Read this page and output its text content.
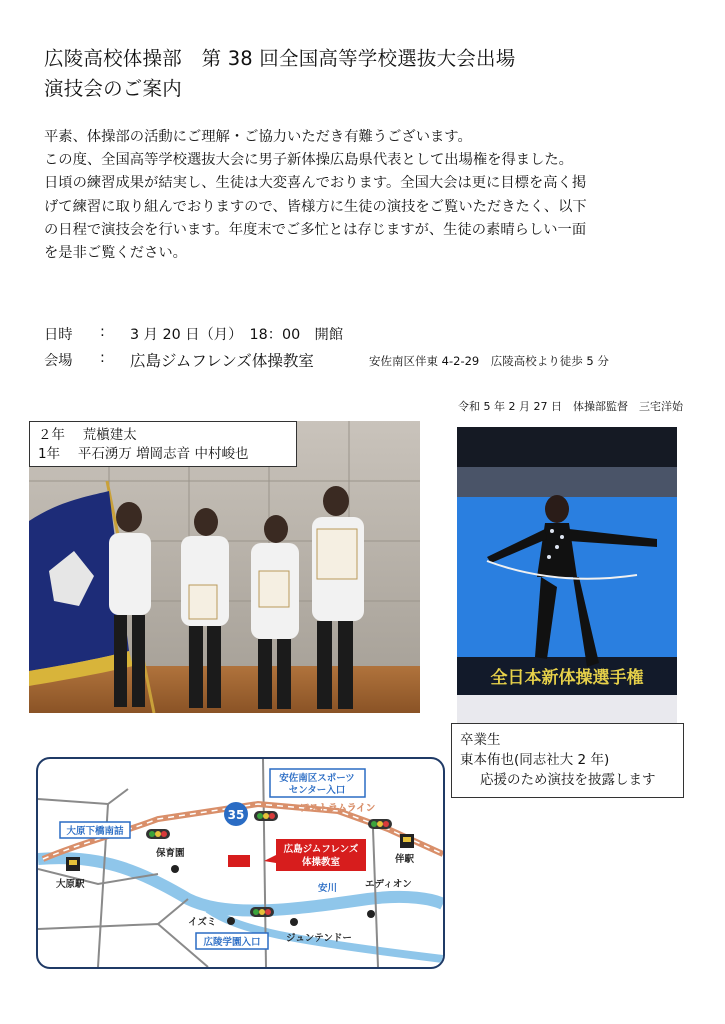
広陵高校体操部　第 38 回全国高等学校選抜大会出場
演技会のご案内

平素、体操部の活動にご理解・ご協力いただき有難うございます。

この度、全国高等学校選抜大会に男子新体操広島県代表として出場権を得ました。

日頃の練習成果が結実し、生徒は大変喜んでおります。全国大会は更に目標を高く掲

げて練習に取り組んでおりますので、皆様方に生徒の演技をご覧いただきたく、以下

の日程で演技会を行います。年度末でご多忙とは存じますが、生徒の素晴らしい一面

を是非ご覧ください。

日時 : 3 月 20 日（月）　18：00　開館
会場 : 広島ジムフレンズ体操教室	安佐南区伴東 4-2-29　広陵高校より徒歩 5 分
令和 5 年 2 月 27 日　体操部監督　三宅洋始
２年　 荒槇建太
1年　 平石湧万 増岡志音 中村峻也
全日本新体操選手権
卒業生
東本侑也(同志社大 2 年)
応援のため演技を披露します
35
安佐南区スポーツ
センター入口
大原下橋南詰
広陵学園入口
アストラムライン
広島ジムフレンズ
体操教室
保育園
エディオン
安川
イズミ
ジュンテンドー
大原駅
伴駅
